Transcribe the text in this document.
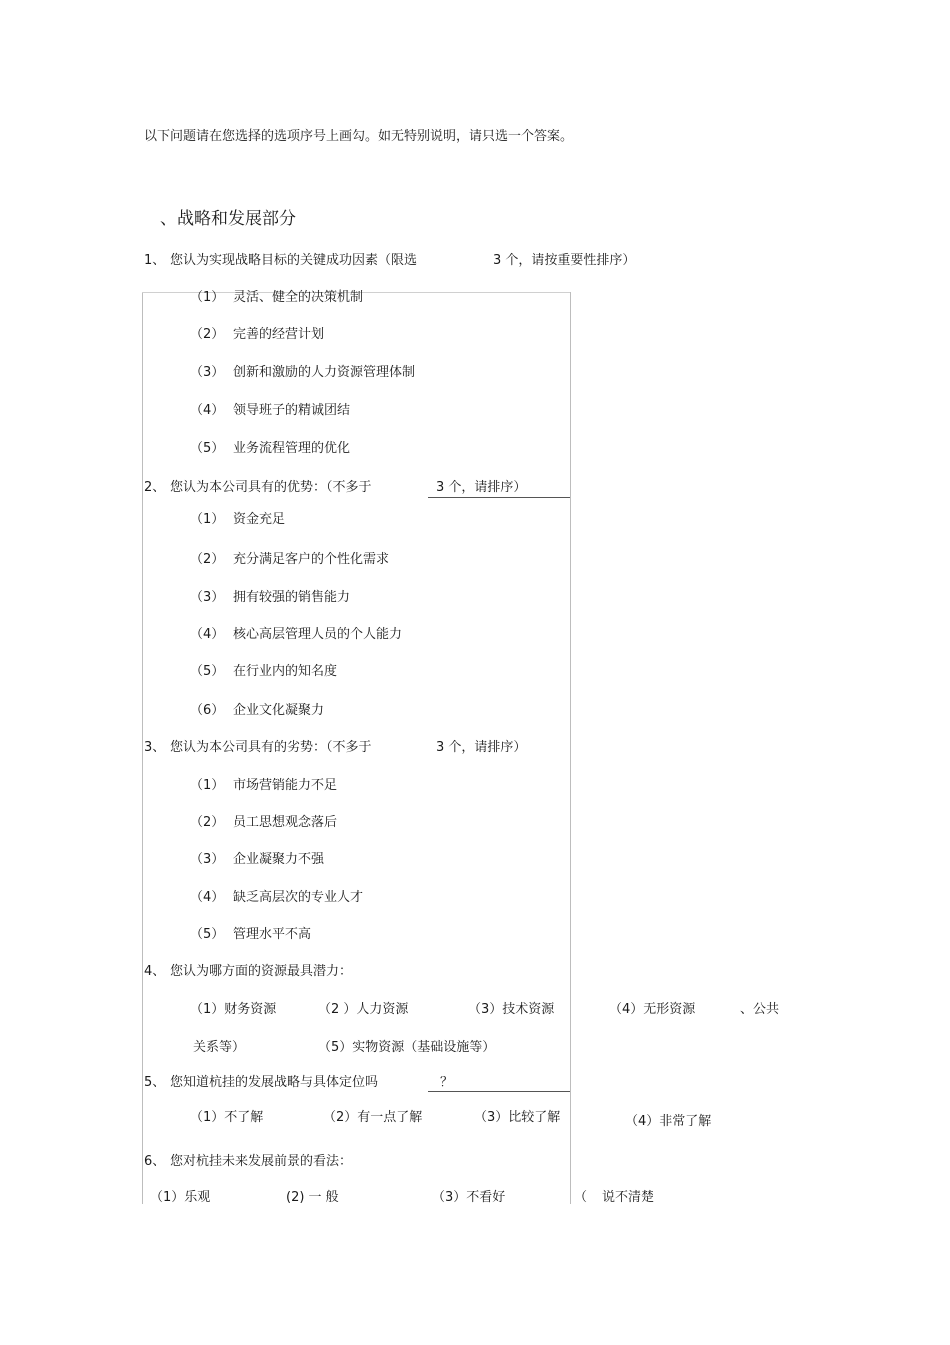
以下问题请在您选择的选项序号上画勾。如无特别说明，请只选一个答案。
、战略和发展部分
1、 您认为实现战略目标的关键成功因素（限选	3 个，请按重要性排序）
（1） 灵活、健全的决策机制
（2） 完善的经营计划
（3） 创新和激励的人力资源管理体制
（4） 领导班子的精诚团结
（5） 业务流程管理的优化
2、 您认为本公司具有的优势：（不多于	3 个，请排序）
（1） 资金充足
（2） 充分满足客户的个性化需求
（3） 拥有较强的销售能力
（4） 核心高层管理人员的个人能力
（5） 在行业内的知名度
（6） 企业文化凝聚力
3、 您认为本公司具有的劣势：（不多于	3 个，请排序）
（1） 市场营销能力不足
（2） 员工思想观念落后
（3） 企业凝聚力不强
（4） 缺乏高层次的专业人才
（5） 管理水平不高
4、 您认为哪方面的资源最具潜力：
（1）财务资源	（2 ）人力资源	（3）技术资源	（4）无形资源	、公共
关系等）	（5）实物资源（基础设施等）
5、 您知道杭挂的发展战略与具体定位吗	？
（1）不了解	（2）有一点了解	（3）比较了解	（4）非常了解
6、 您对杭挂未来发展前景的看法：
（1）乐观	(2) 一 般	（3）不看好	（ 说不清楚
